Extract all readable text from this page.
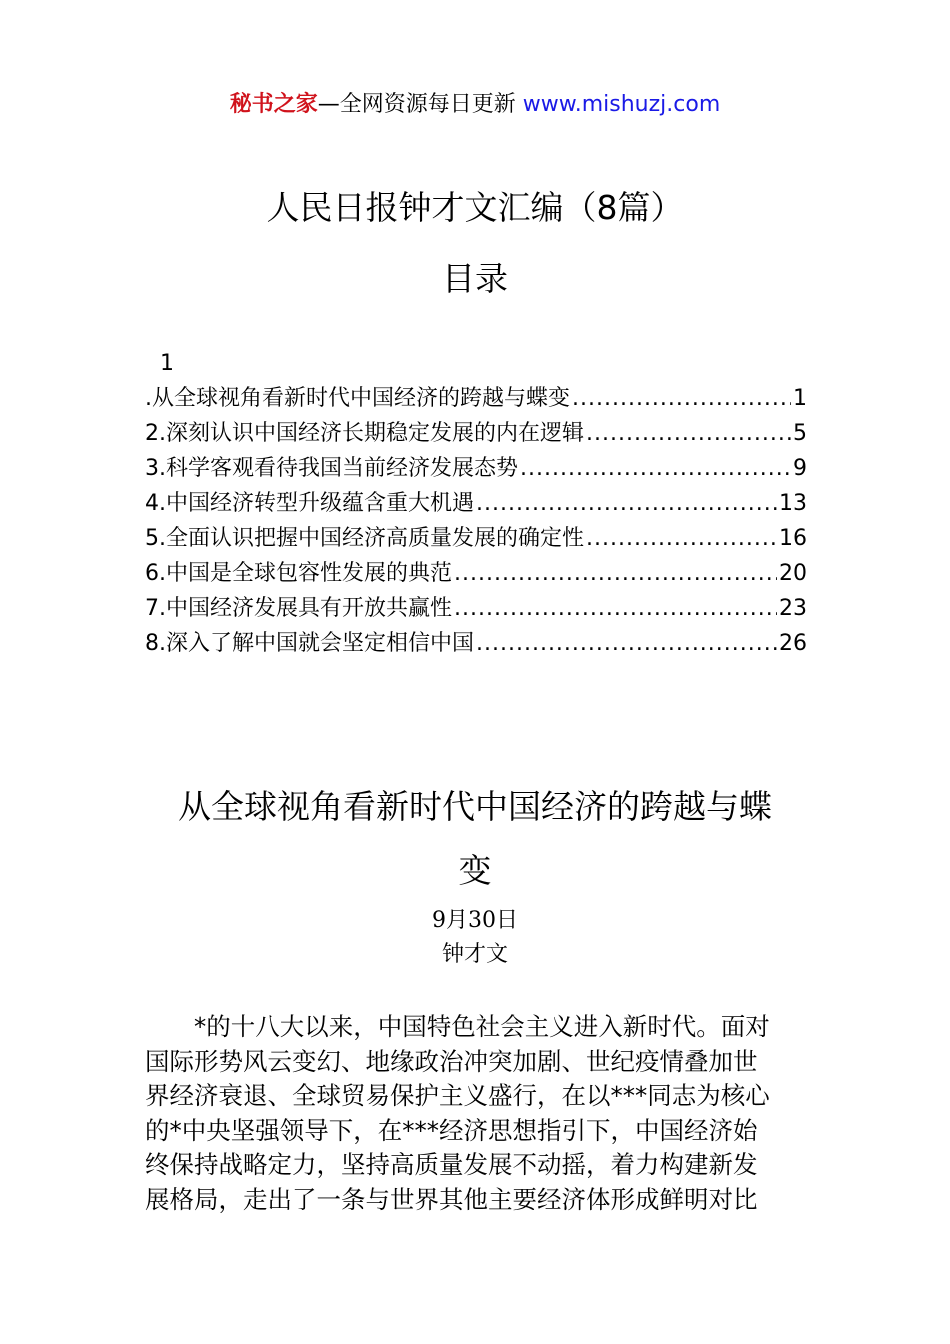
秘书之家—全网资源每日更新 www.mishuzj.com
人民日报钟才文汇编（8篇）
目录
1
.从全球视角看新时代中国经济的跨越与蝶变 .....	1
2.深刻认识中国经济长期稳定发展的内在逻辑 .....	5
3.科学客观看待我国当前经济发展态势 .....	9
4.中国经济转型升级蕴含重大机遇 .....	13
5.全面认识把握中国经济高质量发展的确定性 .....	16
6.中国是全球包容性发展的典范 .....	20
7.中国经济发展具有开放共赢性 .....	23
8.深入了解中国就会坚定相信中国 .....	26
从全球视角看新时代中国经济的跨越与蝶
变
9月30日
钟才文
*的十八大以来，中国特色社会主义进入新时代。面对
国际形势风云变幻、地缘政治冲突加剧、世纪疫情叠加世
界经济衰退、全球贸易保护主义盛行，在以***同志为核心
的*中央坚强领导下，在***经济思想指引下，中国经济始
终保持战略定力，坚持高质量发展不动摇，着力构建新发
展格局，走出了一条与世界其他主要经济体形成鲜明对比
